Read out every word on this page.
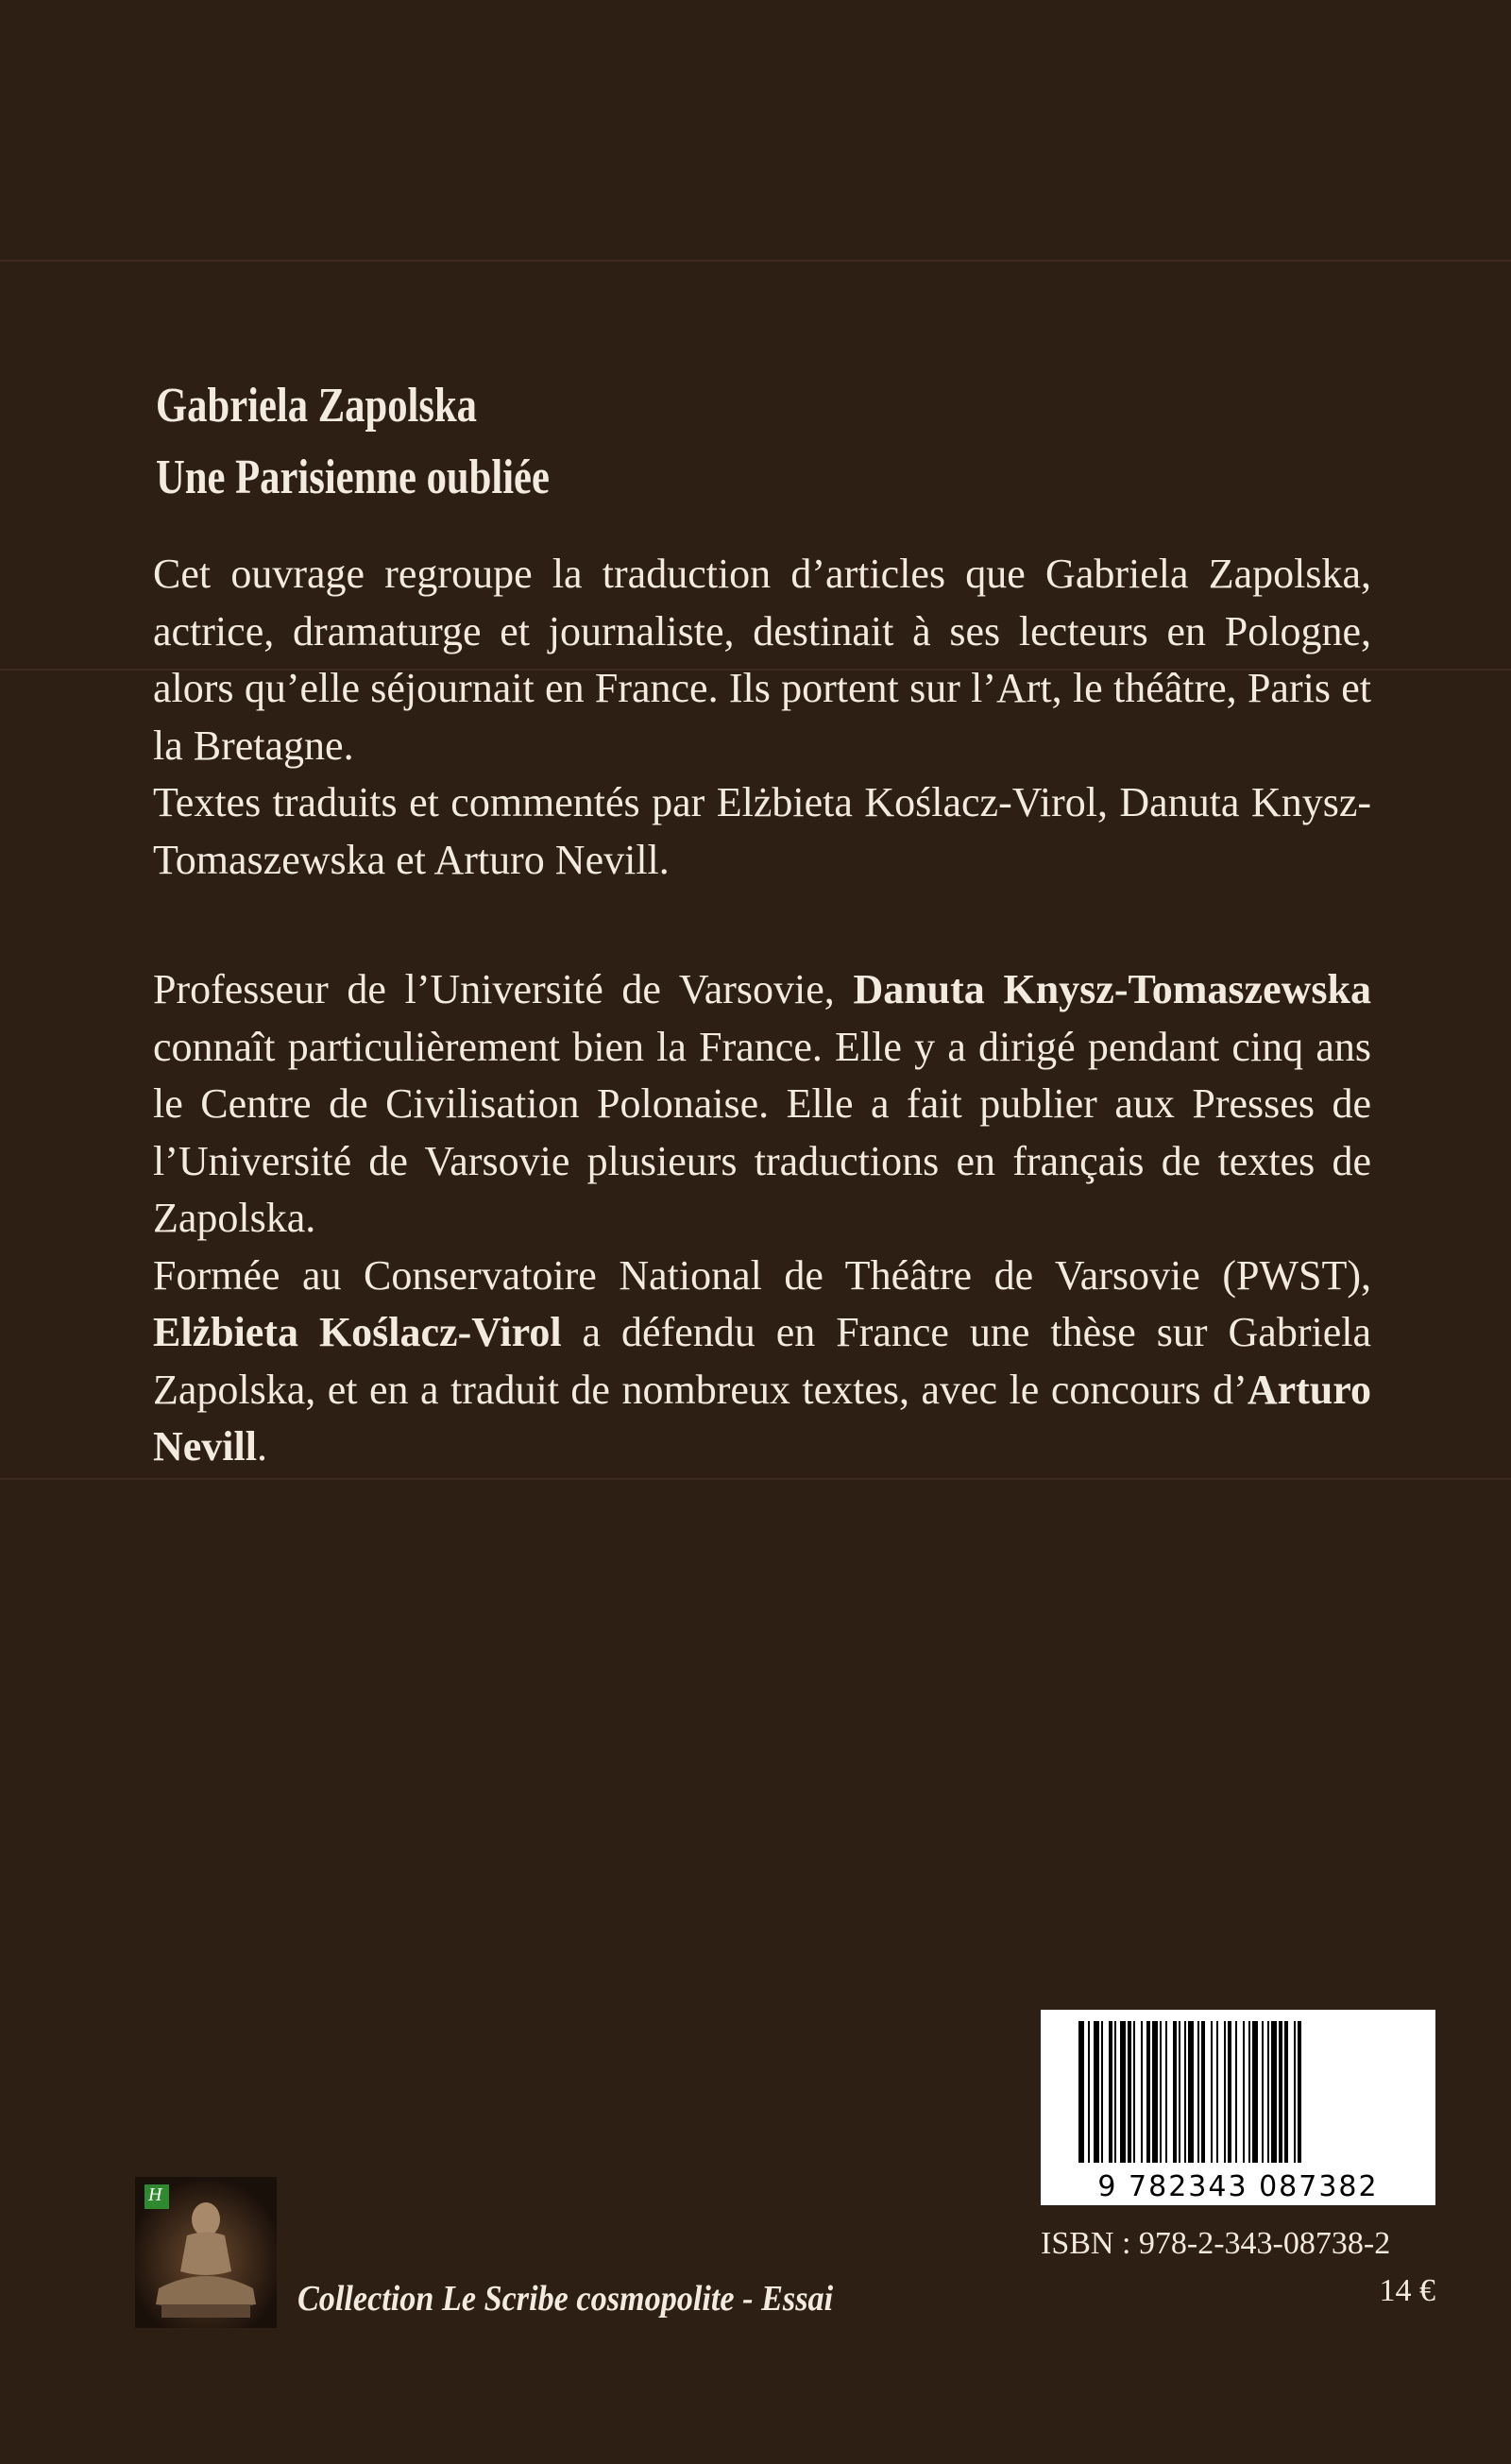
Gabriela Zapolska
Une Parisienne oubliée

Cet ouvrage regroupe la traduction d’articles que Gabriela Zapolska, actrice, dramaturge et journaliste, destinait à ses lecteurs en Pologne, alors qu’elle séjournait en France. Ils portent sur l’Art, le théâtre, Paris et la Bretagne.

Textes traduits et commentés par Elżbieta Koślacz-Virol, Danuta Knysz-Tomaszewska et Arturo Nevill.

Professeur de l’Université de Varsovie, Danuta Knysz-Tomaszewska connaît particulièrement bien la France. Elle y a dirigé pendant cinq ans le Centre de Civilisation Polonaise. Elle a fait publier aux Presses de l’Université de Varsovie plusieurs traductions en français de textes de Zapolska.

Formée au Conservatoire National de Théâtre de Varsovie (PWST), Elżbieta Koślacz-Virol a défendu en France une thèse sur Gabriela Zapolska, et en a traduit de nombreux textes, avec le concours d’Arturo Nevill.

9 782343 087382
ISBN : 978-2-343-08738-2
14 €
H
Collection Le Scribe cosmopolite - Essai
